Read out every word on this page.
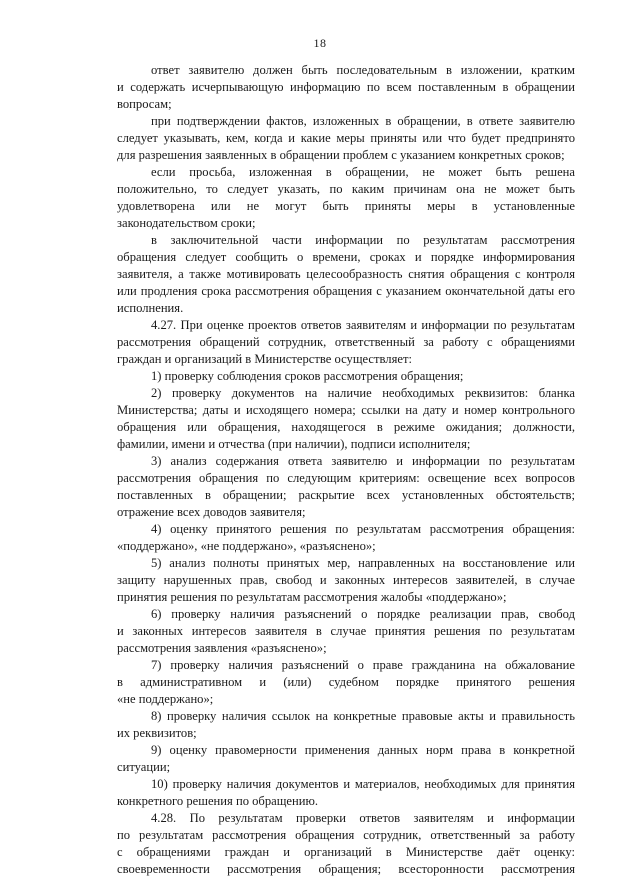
18
ответ заявителю должен быть последовательным в изложении, кратким
и содержать исчерпывающую информацию по всем поставленным в обращении
вопросам;
при подтверждении фактов, изложенных в обращении, в ответе заявителю
следует указывать, кем, когда и какие меры приняты или что будет предпринято
для разрешения заявленных в обращении проблем с указанием конкретных сроков;
если просьба, изложенная в обращении, не может быть решена
положительно, то следует указать, по каким причинам она не может быть
удовлетворена или не могут быть приняты меры в установленные
законодательством сроки;
в заключительной части информации по результатам рассмотрения
обращения следует сообщить о времени, сроках и порядке информирования
заявителя, а также мотивировать целесообразность снятия обращения с контроля
или продления срока рассмотрения обращения с указанием окончательной даты его
исполнения.
4.27. При оценке проектов ответов заявителям и информации по результатам
рассмотрения обращений сотрудник, ответственный за работу с обращениями
граждан и организаций в Министерстве осуществляет:
1) проверку соблюдения сроков рассмотрения обращения;
2) проверку документов на наличие необходимых реквизитов: бланка
Министерства; даты и исходящего номера; ссылки на дату и номер контрольного
обращения или обращения, находящегося в режиме ожидания; должности,
фамилии, имени и отчества (при наличии), подписи исполнителя;
3) анализ содержания ответа заявителю и информации по результатам
рассмотрения обращения по следующим критериям: освещение всех вопросов
поставленных в обращении; раскрытие всех установленных обстоятельств;
отражение всех доводов заявителя;
4) оценку принятого решения по результатам рассмотрения обращения:
«поддержано», «не поддержано», «разъяснено»;
5) анализ полноты принятых мер, направленных на восстановление или
защиту нарушенных прав, свобод и законных интересов заявителей, в случае
принятия решения по результатам рассмотрения жалобы «поддержано»;
6) проверку наличия разъяснений о порядке реализации прав, свобод
и законных интересов заявителя в случае принятия решения по результатам
рассмотрения заявления «разъяснено»;
7) проверку наличия разъяснений о праве гражданина на обжалование
в административном и (или) судебном порядке принятого решения
«не поддержано»;
8) проверку наличия ссылок на конкретные правовые акты и правильность
их реквизитов;
9) оценку правомерности применения данных норм права в конкретной
ситуации;
10) проверку наличия документов и материалов, необходимых для принятия
конкретного решения по обращению.
4.28. По результатам проверки ответов заявителям и информации
по результатам рассмотрения обращения сотрудник, ответственный за работу
с обращениями граждан и организаций в Министерстве даёт оценку:
своевременности рассмотрения обращения; всесторонности рассмотрения
